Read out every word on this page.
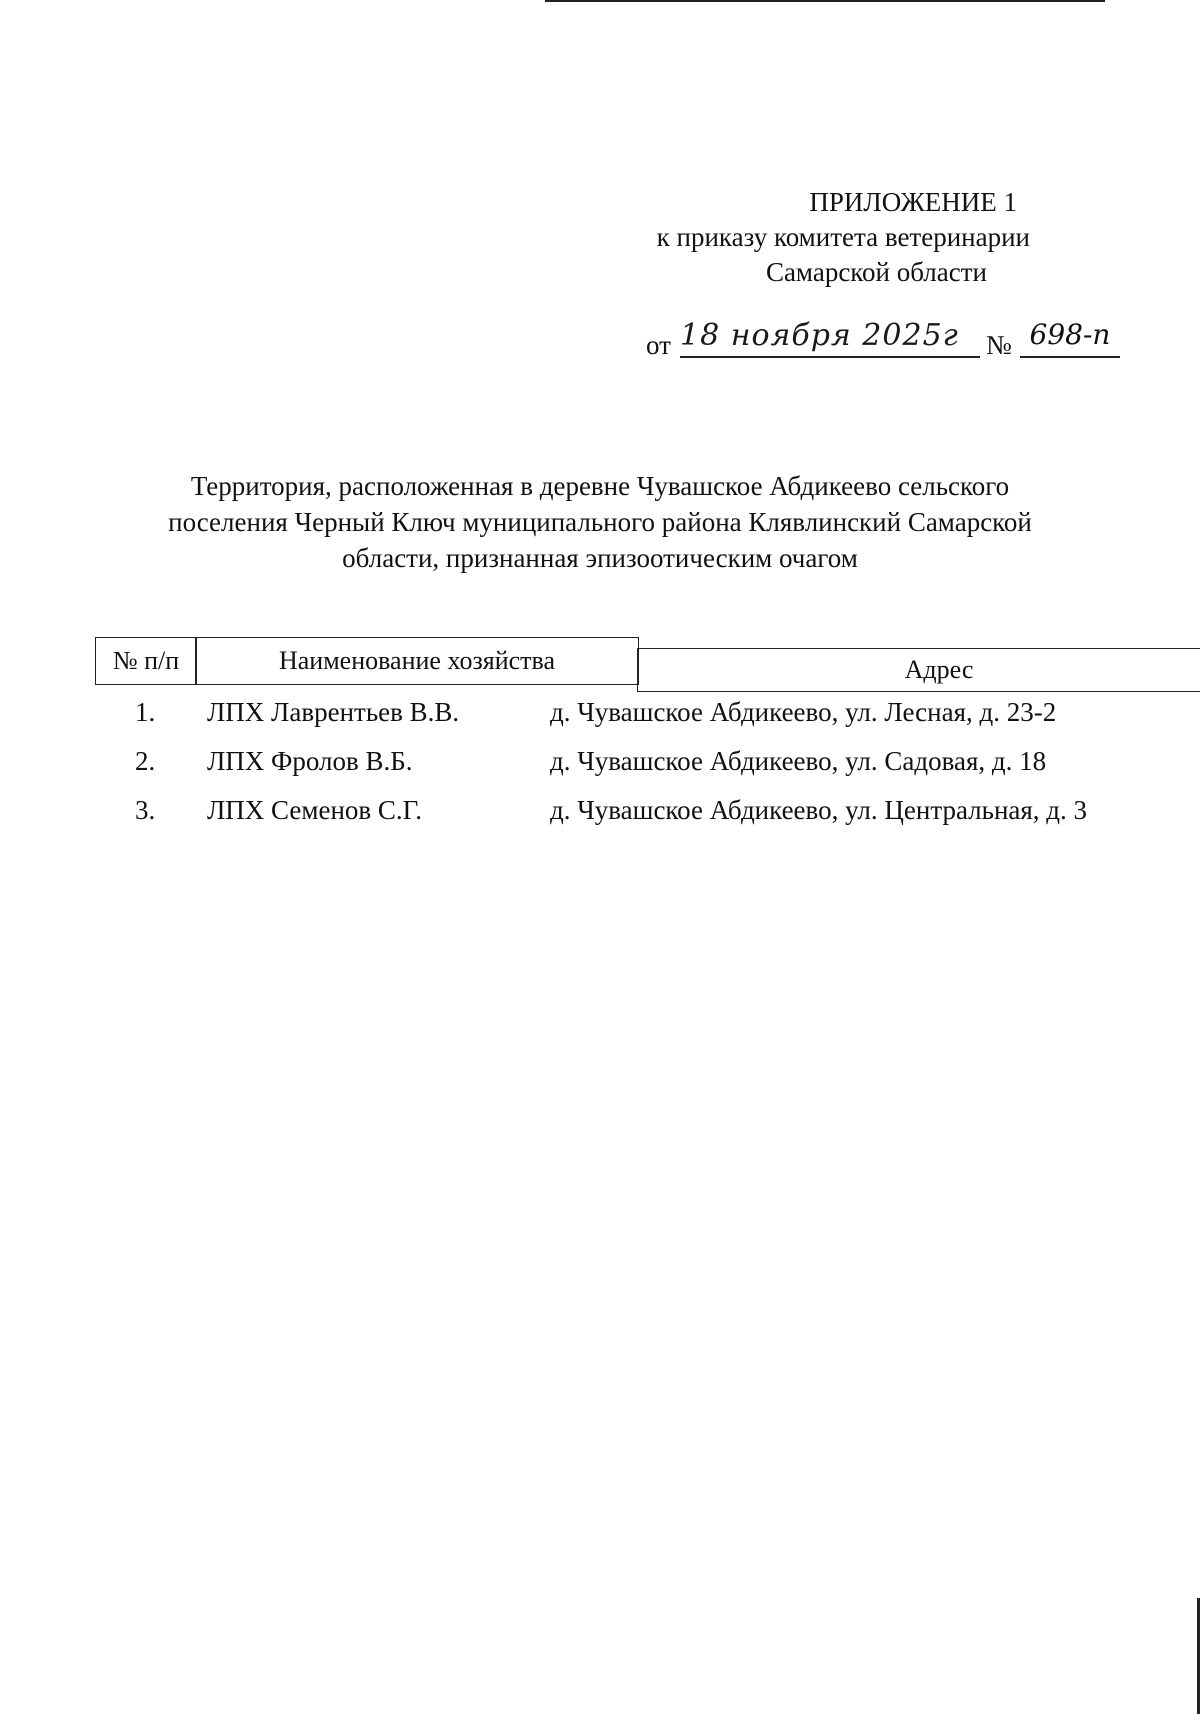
ПРИЛОЖЕНИЕ 1
к приказу комитета ветеринарии
Самарской области
от 18 ноября 2025г	№ 698-п
Территория, расположенная в деревне Чувашское Абдикеево сельского
поселения Черный Ключ муниципального района Клявлинский Самарской
области, признанная эпизоотическим очагом
№ п/п	Наименование хозяйства	Адрес
1. ЛПХ Лаврентьев В.В.	д. Чувашское Абдикеево, ул. Лесная, д. 23-2
2. ЛПХ Фролов В.Б.	д. Чувашское Абдикеево, ул. Садовая, д. 18
3. ЛПХ Семенов С.Г.	д. Чувашское Абдикеево, ул. Центральная, д. 3
